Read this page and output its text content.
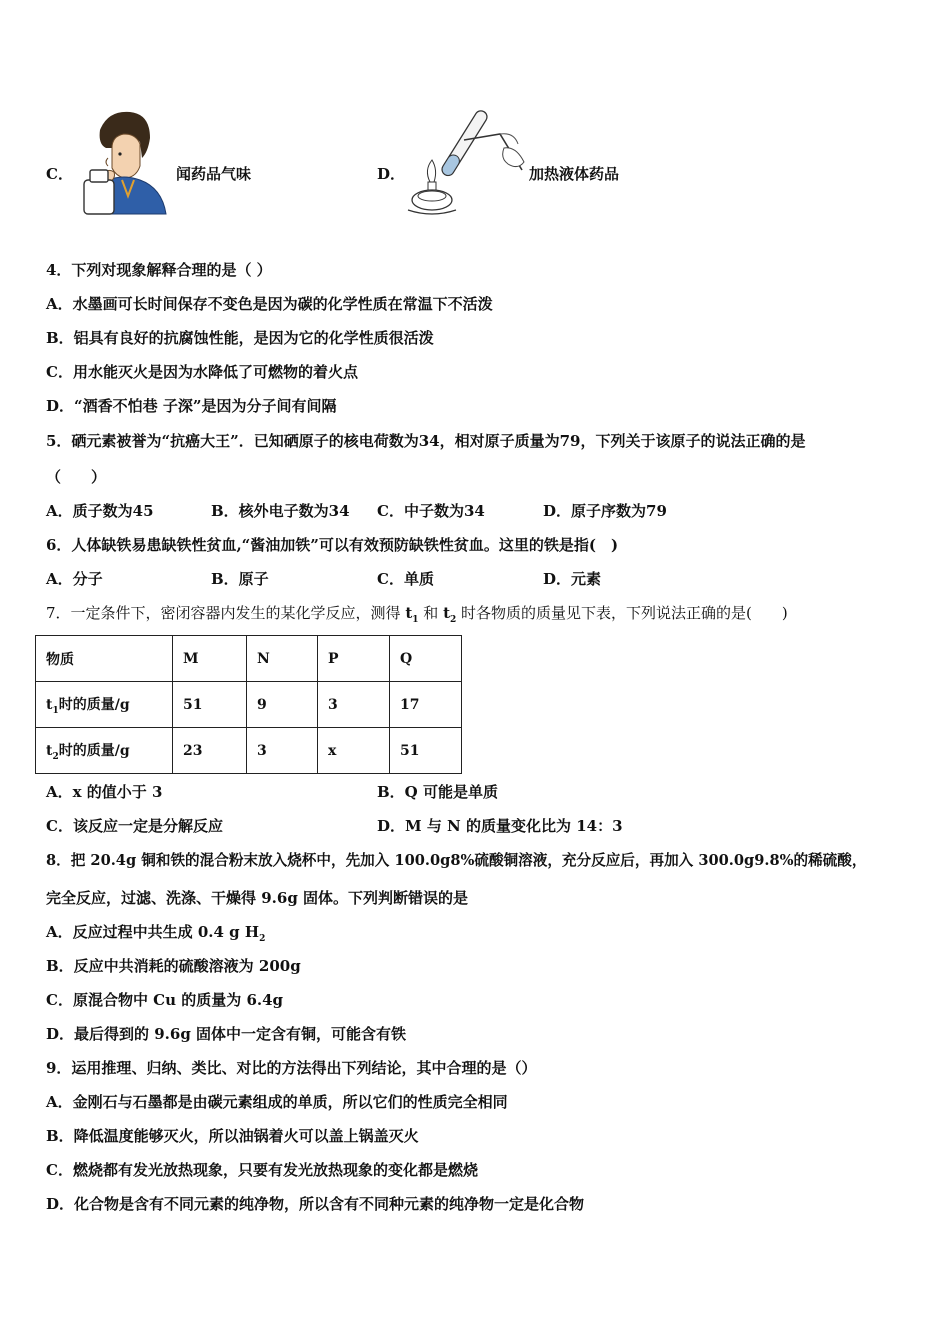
C．	闻药品气味	D．	加热液体药品
4．下列对现象解释合理的是（ ）
A．水墨画可长时间保存不变色是因为碳的化学性质在常温下不活泼
B．铝具有良好的抗腐蚀性能，是因为它的化学性质很活泼
C．用水能灭火是因为水降低了可燃物的着火点
D．“酒香不怕巷 子深”是因为分子间有间隔
5．硒元素被誉为“抗癌大王”．已知硒原子的核电荷数为34，相对原子质量为79，下列关于该原子的说法正确的是
（　　）
A．质子数为45	B．核外电子数为34 C．中子数为34	D．原子序数为79
6．人体缺铁易患缺铁性贫血,“酱油加铁”可以有效预防缺铁性贫血。这里的铁是指(　)
A．分子	B．原子	C．单质	D．元素
7．一定条件下，密闭容器内发生的某化学反应，测得 $t_1$ 和 $t_2$ 时各物质的质量见下表，下列说法正确的是(　　)
物质	M	N	P	Q
$t_1$时的质量/g	51	9	3	17
$t_2$时的质量/g	23	3	x	51
A．x 的值小于 3	B．Q 可能是单质
C．该反应一定是分解反应	D．M 与 N 的质量变化比为 14：3
8．把 20.4g 铜和铁的混合粉末放入烧杯中，先加入 100.0g8%硫酸铜溶液，充分反应后，再加入 300.0g9.8%的稀硫酸，
完全反应，过滤、洗涤、干燥得 9.6g 固体。下列判断错误的是
A．反应过程中共生成 0.4 g $H_2$
B．反应中共消耗的硫酸溶液为 200g
C．原混合物中 Cu 的质量为 6.4g
D．最后得到的 9.6g 固体中一定含有铜，可能含有铁
9．运用推理、归纳、类比、对比的方法得出下列结论，其中合理的是（）
A．金刚石与石墨都是由碳元素组成的单质，所以它们的性质完全相同
B．降低温度能够灭火，所以油锅着火可以盖上锅盖灭火
C．燃烧都有发光放热现象，只要有发光放热现象的变化都是燃烧
D．化合物是含有不同元素的纯净物，所以含有不同种元素的纯净物一定是化合物
